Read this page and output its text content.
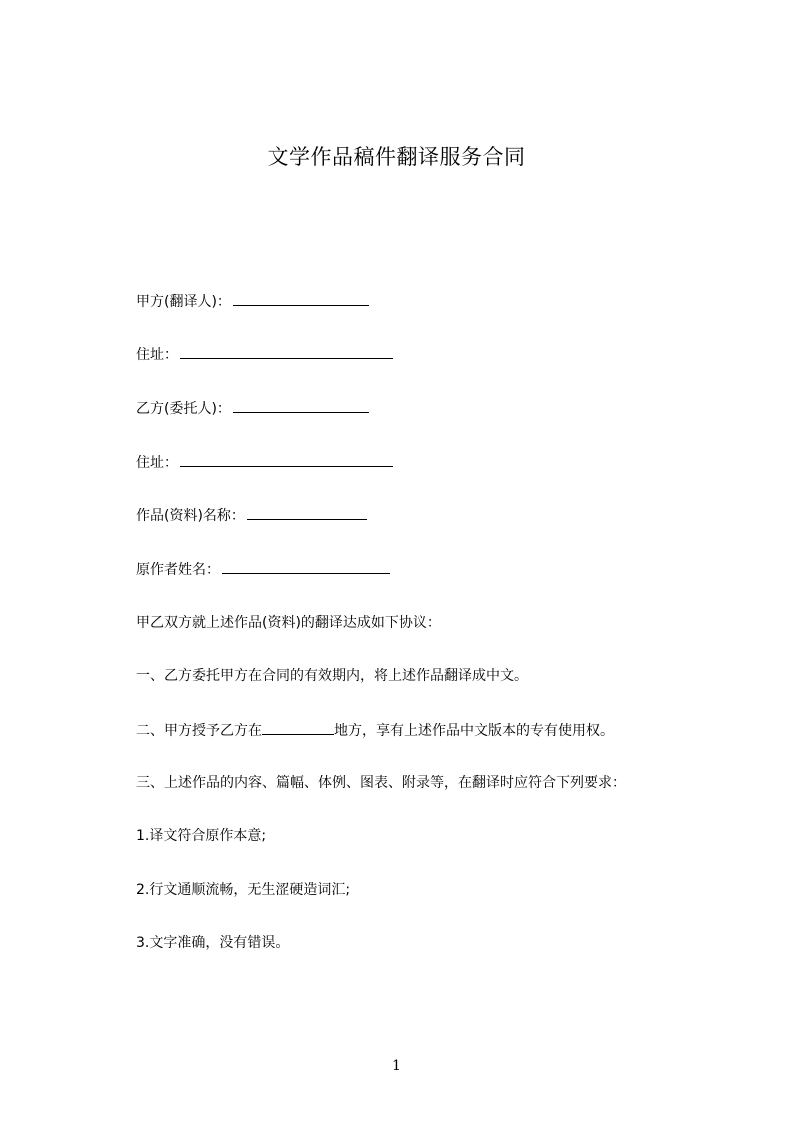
文学作品稿件翻译服务合同
甲方(翻译人)：
住址：
乙方(委托人)：
住址：
作品(资料)名称：
原作者姓名：
甲乙双方就上述作品(资料)的翻译达成如下协议：
一、乙方委托甲方在合同的有效期内，将上述作品翻译成中文。
二、甲方授予乙方在	地方，享有上述作品中文版本的专有使用权。
三、上述作品的内容、篇幅、体例、图表、附录等，在翻译时应符合下列要求：
1.译文符合原作本意;
2.行文通顺流畅，无生涩硬造词汇;
3.文字准确，没有错误。
1
